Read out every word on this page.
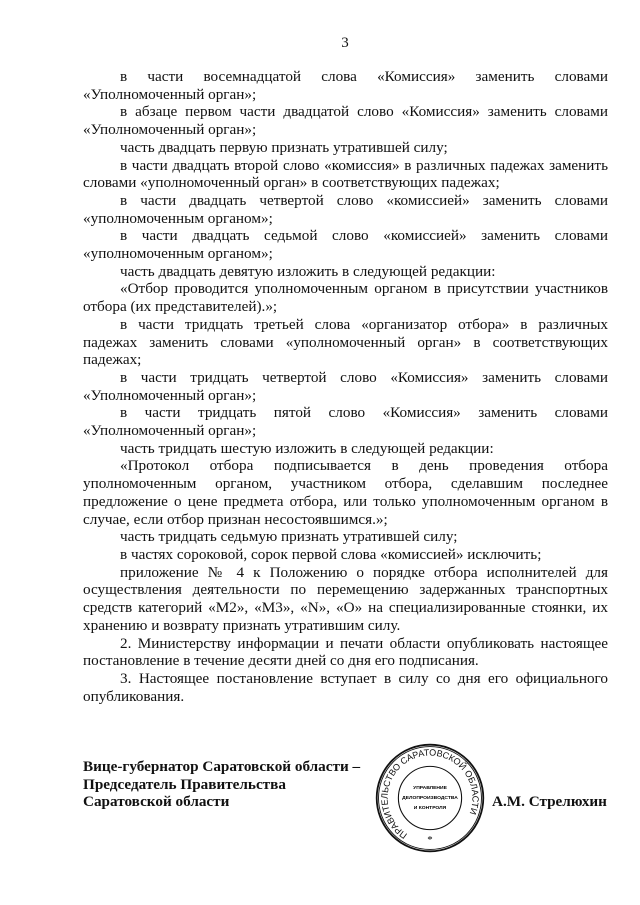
3

в части восемнадцатой слова «Комиссия» заменить словами «Уполномоченный орган»;

в абзаце первом части двадцатой слово «Комиссия» заменить словами «Уполномоченный орган»;

часть двадцать первую признать утратившей силу;

в части двадцать второй слово «комиссия» в различных падежах заменить словами «уполномоченный орган» в соответствующих падежах;

в части двадцать четвертой слово «комиссией» заменить словами «уполномоченным органом»;

в части двадцать седьмой слово «комиссией» заменить словами «уполномоченным органом»;

часть двадцать девятую изложить в следующей редакции:

«Отбор проводится уполномоченным органом в присутствии участников отбора (их представителей).»;

в части тридцать третьей слова «организатор отбора» в различных падежах заменить словами «уполномоченный орган» в соответствующих падежах;

в части тридцать четвертой слово «Комиссия» заменить словами «Уполномоченный орган»;

в части тридцать пятой слово «Комиссия» заменить словами «Уполномоченный орган»;

часть тридцать шестую изложить в следующей редакции:

«Протокол отбора подписывается в день проведения отбора уполномоченным органом, участником отбора, сделавшим последнее предложение о цене предмета отбора, или только уполномоченным органом в случае, если отбор признан несостоявшимся.»;

часть тридцать седьмую признать утратившей силу;

в частях сороковой, сорок первой слова «комиссией» исключить;

приложение № 4 к Положению о порядке отбора исполнителей для осуществления деятельности по перемещению задержанных транспортных средств категорий «М2», «М3», «N», «О» на специализированные стоянки, их хранению и возврату признать утратившим силу.

2. Министерству информации и печати области опубликовать настоящее постановление в течение десяти дней со дня его подписания.

3. Настоящее постановление вступает в силу со дня его официального опубликования.

Вице-губернатор Саратовской области –
Председатель Правительства
Саратовской области	А.М. Стрелюхин
ПРАВИТЕЛЬСТВО САРАТОВСКОЙ ОБЛАСТИ
УПРАВЛЕНИЕ
ДЕЛОПРОИЗВОДСТВА
И КОНТРОЛЯ
*
